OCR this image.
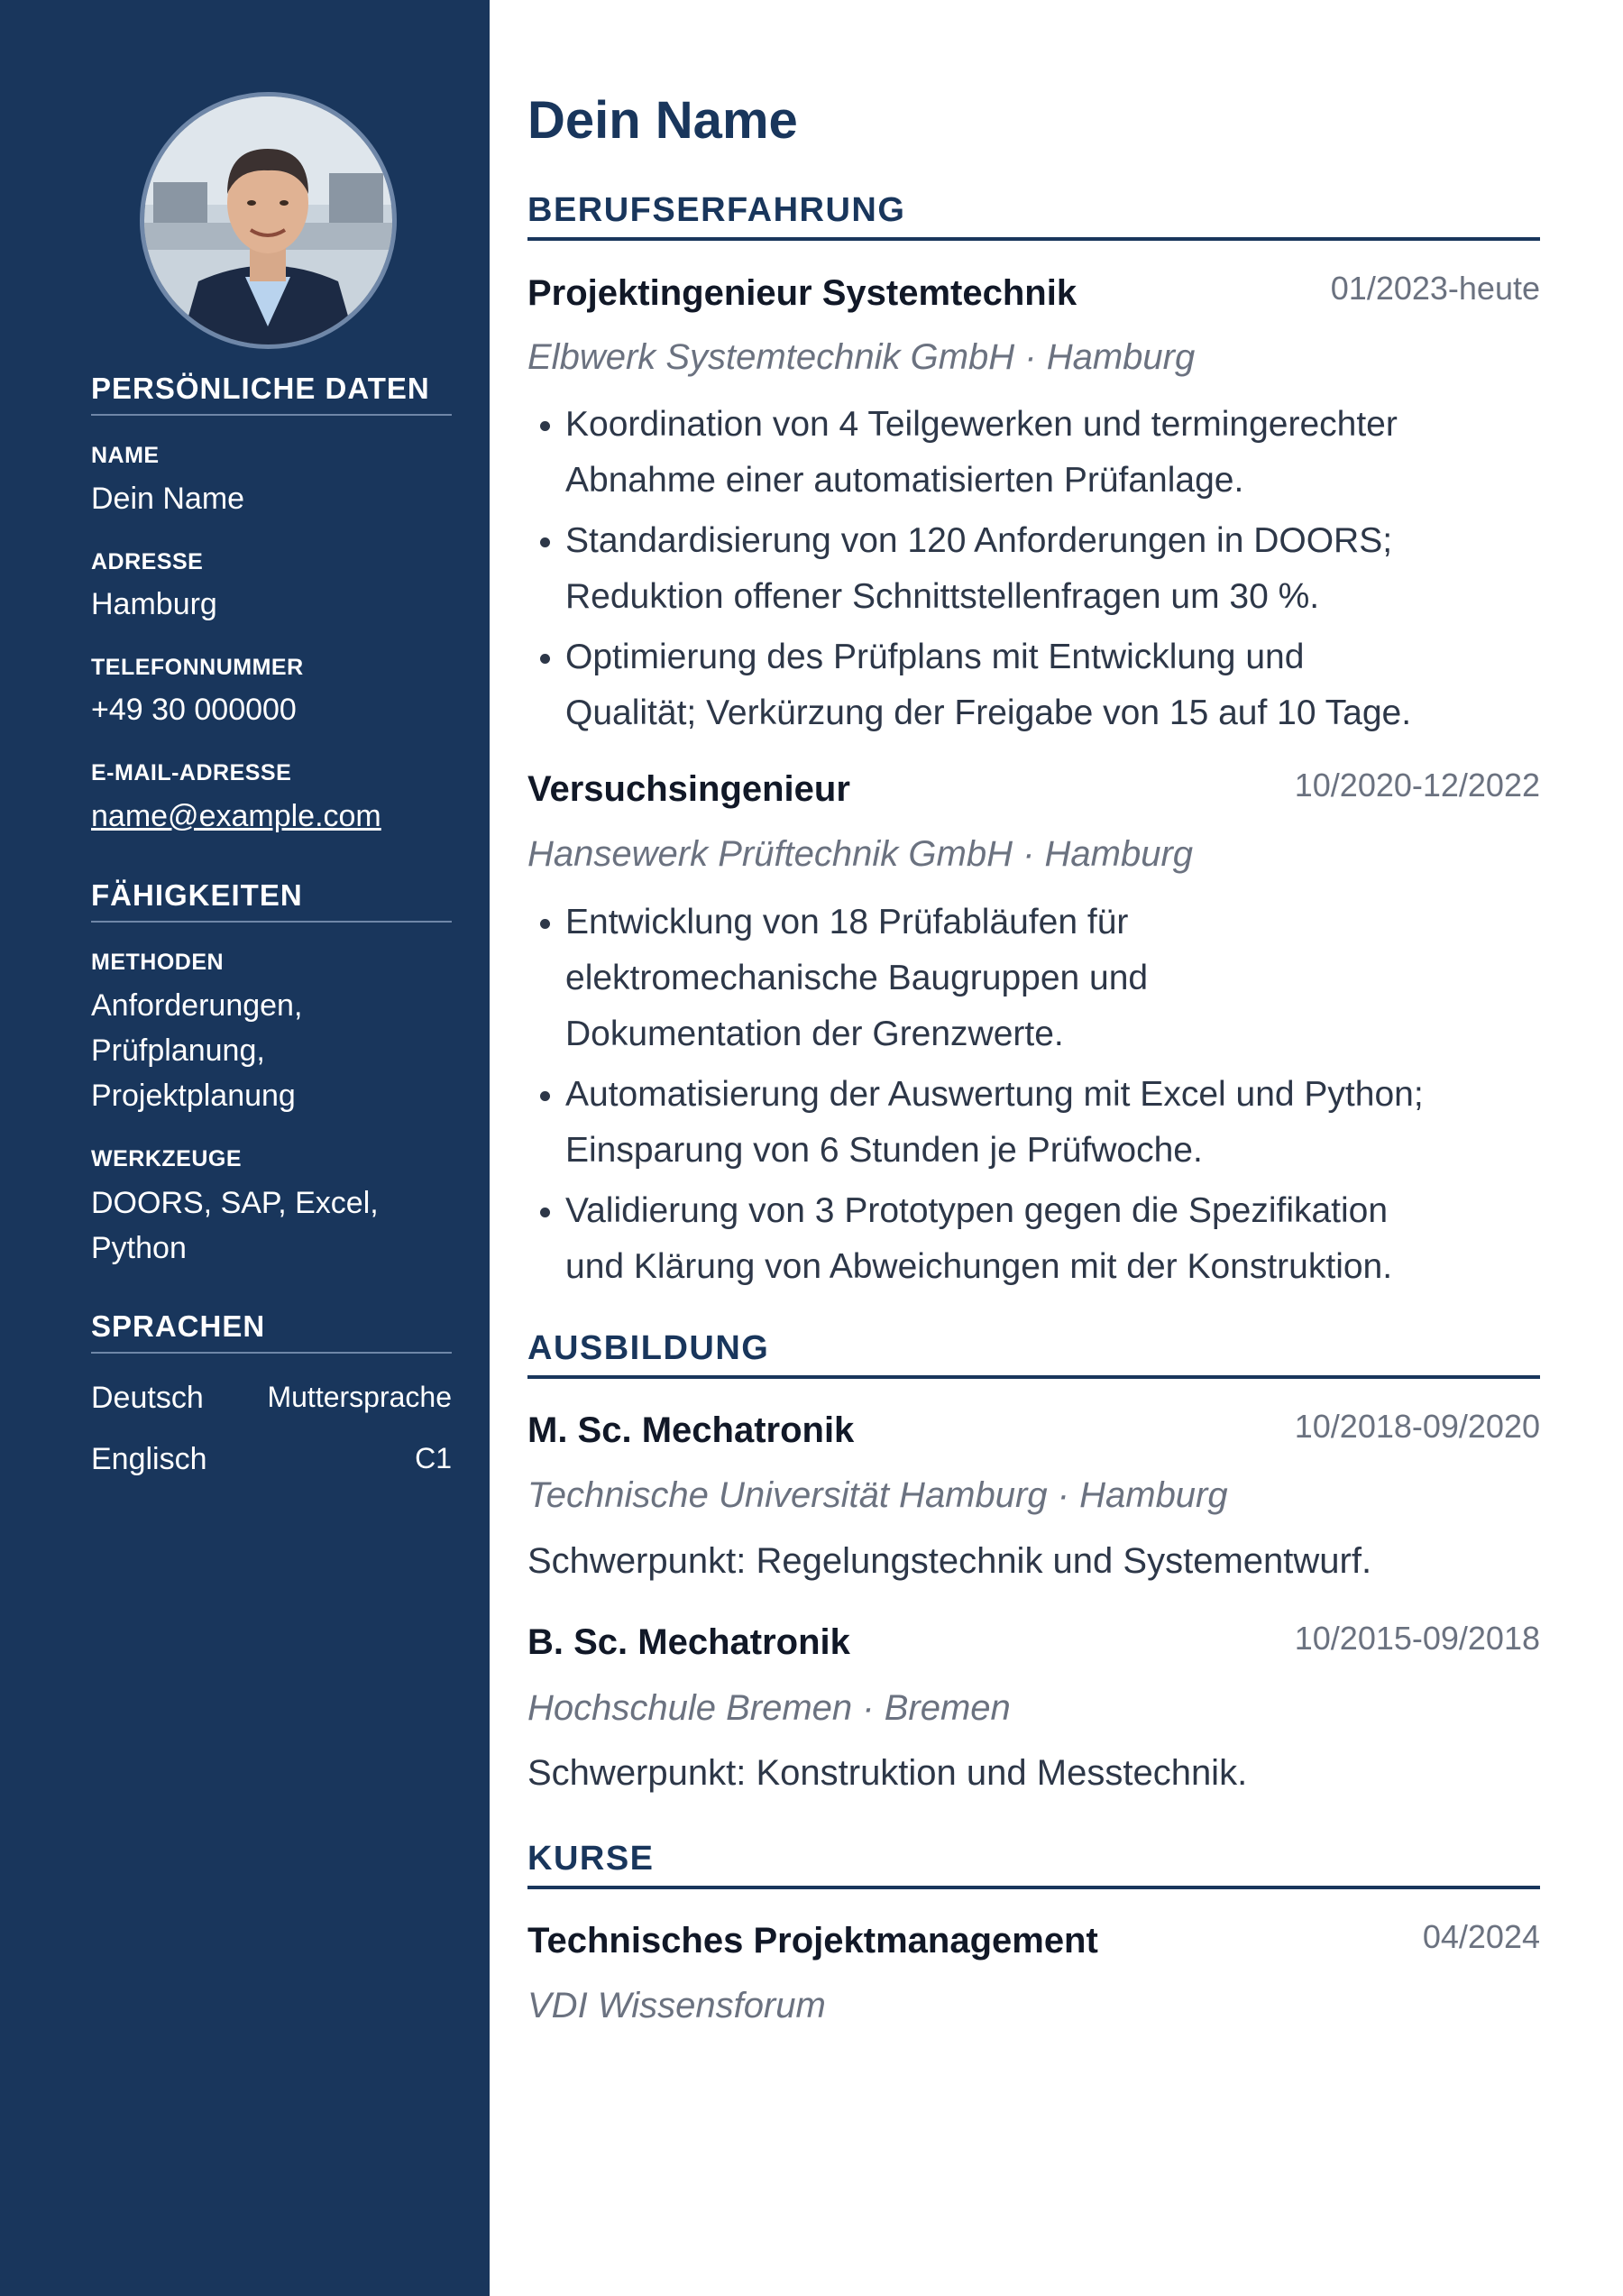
PERSÖNLICHE DATEN
NAME
Dein Name
ADRESSE
Hamburg
TELEFONNUMMER
+49 30 000000
E-MAIL-ADRESSE
name@example.com
FÄHIGKEITEN
METHODEN
Anforderungen,
Prüfplanung,
Projektplanung
WERKZEUGE
DOORS, SAP, Excel,
Python
SPRACHEN
Deutsch Muttersprache
Englisch	C1
Dein Name
BERUFSERFAHRUNG
Projektingenieur Systemtechnik	01/2023-heute
Elbwerk Systemtechnik GmbH · Hamburg
Koordination von 4 Teilgewerken und termingerechter
Abnahme einer automatisierten Prüfanlage.
Standardisierung von 120 Anforderungen in DOORS;
Reduktion offener Schnittstellenfragen um 30 %.
Optimierung des Prüfplans mit Entwicklung und
Qualität; Verkürzung der Freigabe von 15 auf 10 Tage.
Versuchsingenieur	10/2020-12/2022
Hansewerk Prüftechnik GmbH · Hamburg
Entwicklung von 18 Prüfabläufen für
elektromechanische Baugruppen und
Dokumentation der Grenzwerte.
Automatisierung der Auswertung mit Excel und Python;
Einsparung von 6 Stunden je Prüfwoche.
Validierung von 3 Prototypen gegen die Spezifikation
und Klärung von Abweichungen mit der Konstruktion.
AUSBILDUNG
M. Sc. Mechatronik	10/2018-09/2020
Technische Universität Hamburg · Hamburg
Schwerpunkt: Regelungstechnik und Systementwurf.
B. Sc. Mechatronik	10/2015-09/2018
Hochschule Bremen · Bremen
Schwerpunkt: Konstruktion und Messtechnik.
KURSE
Technisches Projektmanagement	04/2024
VDI Wissensforum
